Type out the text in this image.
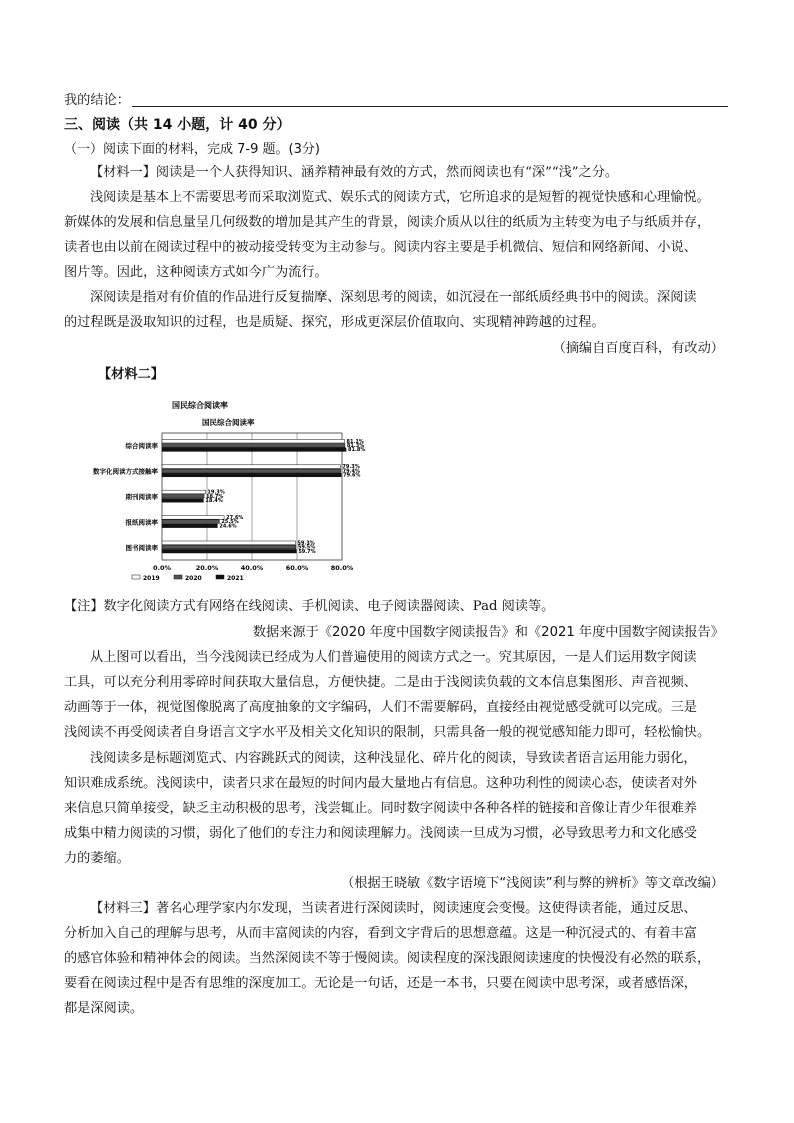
我的结论：
三、阅读（共 14 小题，计 40 分）
（一）阅读下面的材料，完成 7-9 题。(3分)
【材料一】阅读是一个人获得知识、涵养精神最有效的方式，然而阅读也有“深”“浅”之分。
浅阅读是基本上不需要思考而采取浏览式、娱乐式的阅读方式，它所追求的是短暂的视觉快感和心理愉悦。
新媒体的发展和信息量呈几何级数的增加是其产生的背景，阅读介质从以往的纸质为主转变为电子与纸质并存，
读者也由以前在阅读过程中的被动接受转变为主动参与。阅读内容主要是手机微信、短信和网络新闻、小说、
图片等。因此，这种阅读方式如今广为流行。
深阅读是指对有价值的作品进行反复揣摩、深刻思考的阅读，如沉浸在一部纸质经典书中的阅读。深阅读
的过程既是汲取知识的过程，也是质疑、探究，形成更深层价值取向、实现精神跨越的过程。
（摘编自百度百科，有改动）
【材料二】
国民综合阅读率
国民综合阅读率
0.0%	20.0%	40.0%	60.0%	80.0%
综合阅读率
81.1%
81.3%
81.8%
数字化阅读方式接触率
79.3%
79.4%
79.6%
期刊阅读率
19.3%
18.7%
18.4%
报纸阅读率
27.6%
25.5%
24.6%
图书阅读率
59.3%
59.5%
59.7%
2019	2020	2021
【注】数字化阅读方式有网络在线阅读、手机阅读、电子阅读器阅读、Pad 阅读等。
数据来源于《2020 年度中国数字阅读报告》和《2021 年度中国数字阅读报告》
从上图可以看出，当今浅阅读已经成为人们普遍使用的阅读方式之一。究其原因，一是人们运用数字阅读
工具，可以充分利用零碎时间获取大量信息，方便快捷。二是由于浅阅读负载的文本信息集图形、声音视频、
动画等于一体，视觉图像脱离了高度抽象的文字编码，人们不需要解码，直接经由视觉感受就可以完成。三是
浅阅读不再受阅读者自身语言文字水平及相关文化知识的限制，只需具备一般的视觉感知能力即可，轻松愉快。
浅阅读多是标题浏览式、内容跳跃式的阅读，这种浅显化、碎片化的阅读，导致读者语言运用能力弱化，
知识难成系统。浅阅读中，读者只求在最短的时间内最大量地占有信息。这种功利性的阅读心态，使读者对外
来信息只简单接受，缺乏主动积极的思考，浅尝辄止。同时数字阅读中各种各样的链接和音像让青少年很难养
成集中精力阅读的习惯，弱化了他们的专注力和阅读理解力。浅阅读一旦成为习惯，必导致思考力和文化感受
力的萎缩。
（根据王晓敏《数字语境下“浅阅读”利与弊的辨析》等文章改编）
【材料三】著名心理学家内尔发现，当读者进行深阅读时，阅读速度会变慢。这使得读者能，通过反思、
分析加入自己的理解与思考，从而丰富阅读的内容，看到文字背后的思想意蕴。这是一种沉浸式的、有着丰富
的感官体验和精神体会的阅读。当然深阅读不等于慢阅读。阅读程度的深浅跟阅读速度的快慢没有必然的联系，
要看在阅读过程中是否有思维的深度加工。无论是一句话，还是一本书，只要在阅读中思考深，或者感悟深，
都是深阅读。
